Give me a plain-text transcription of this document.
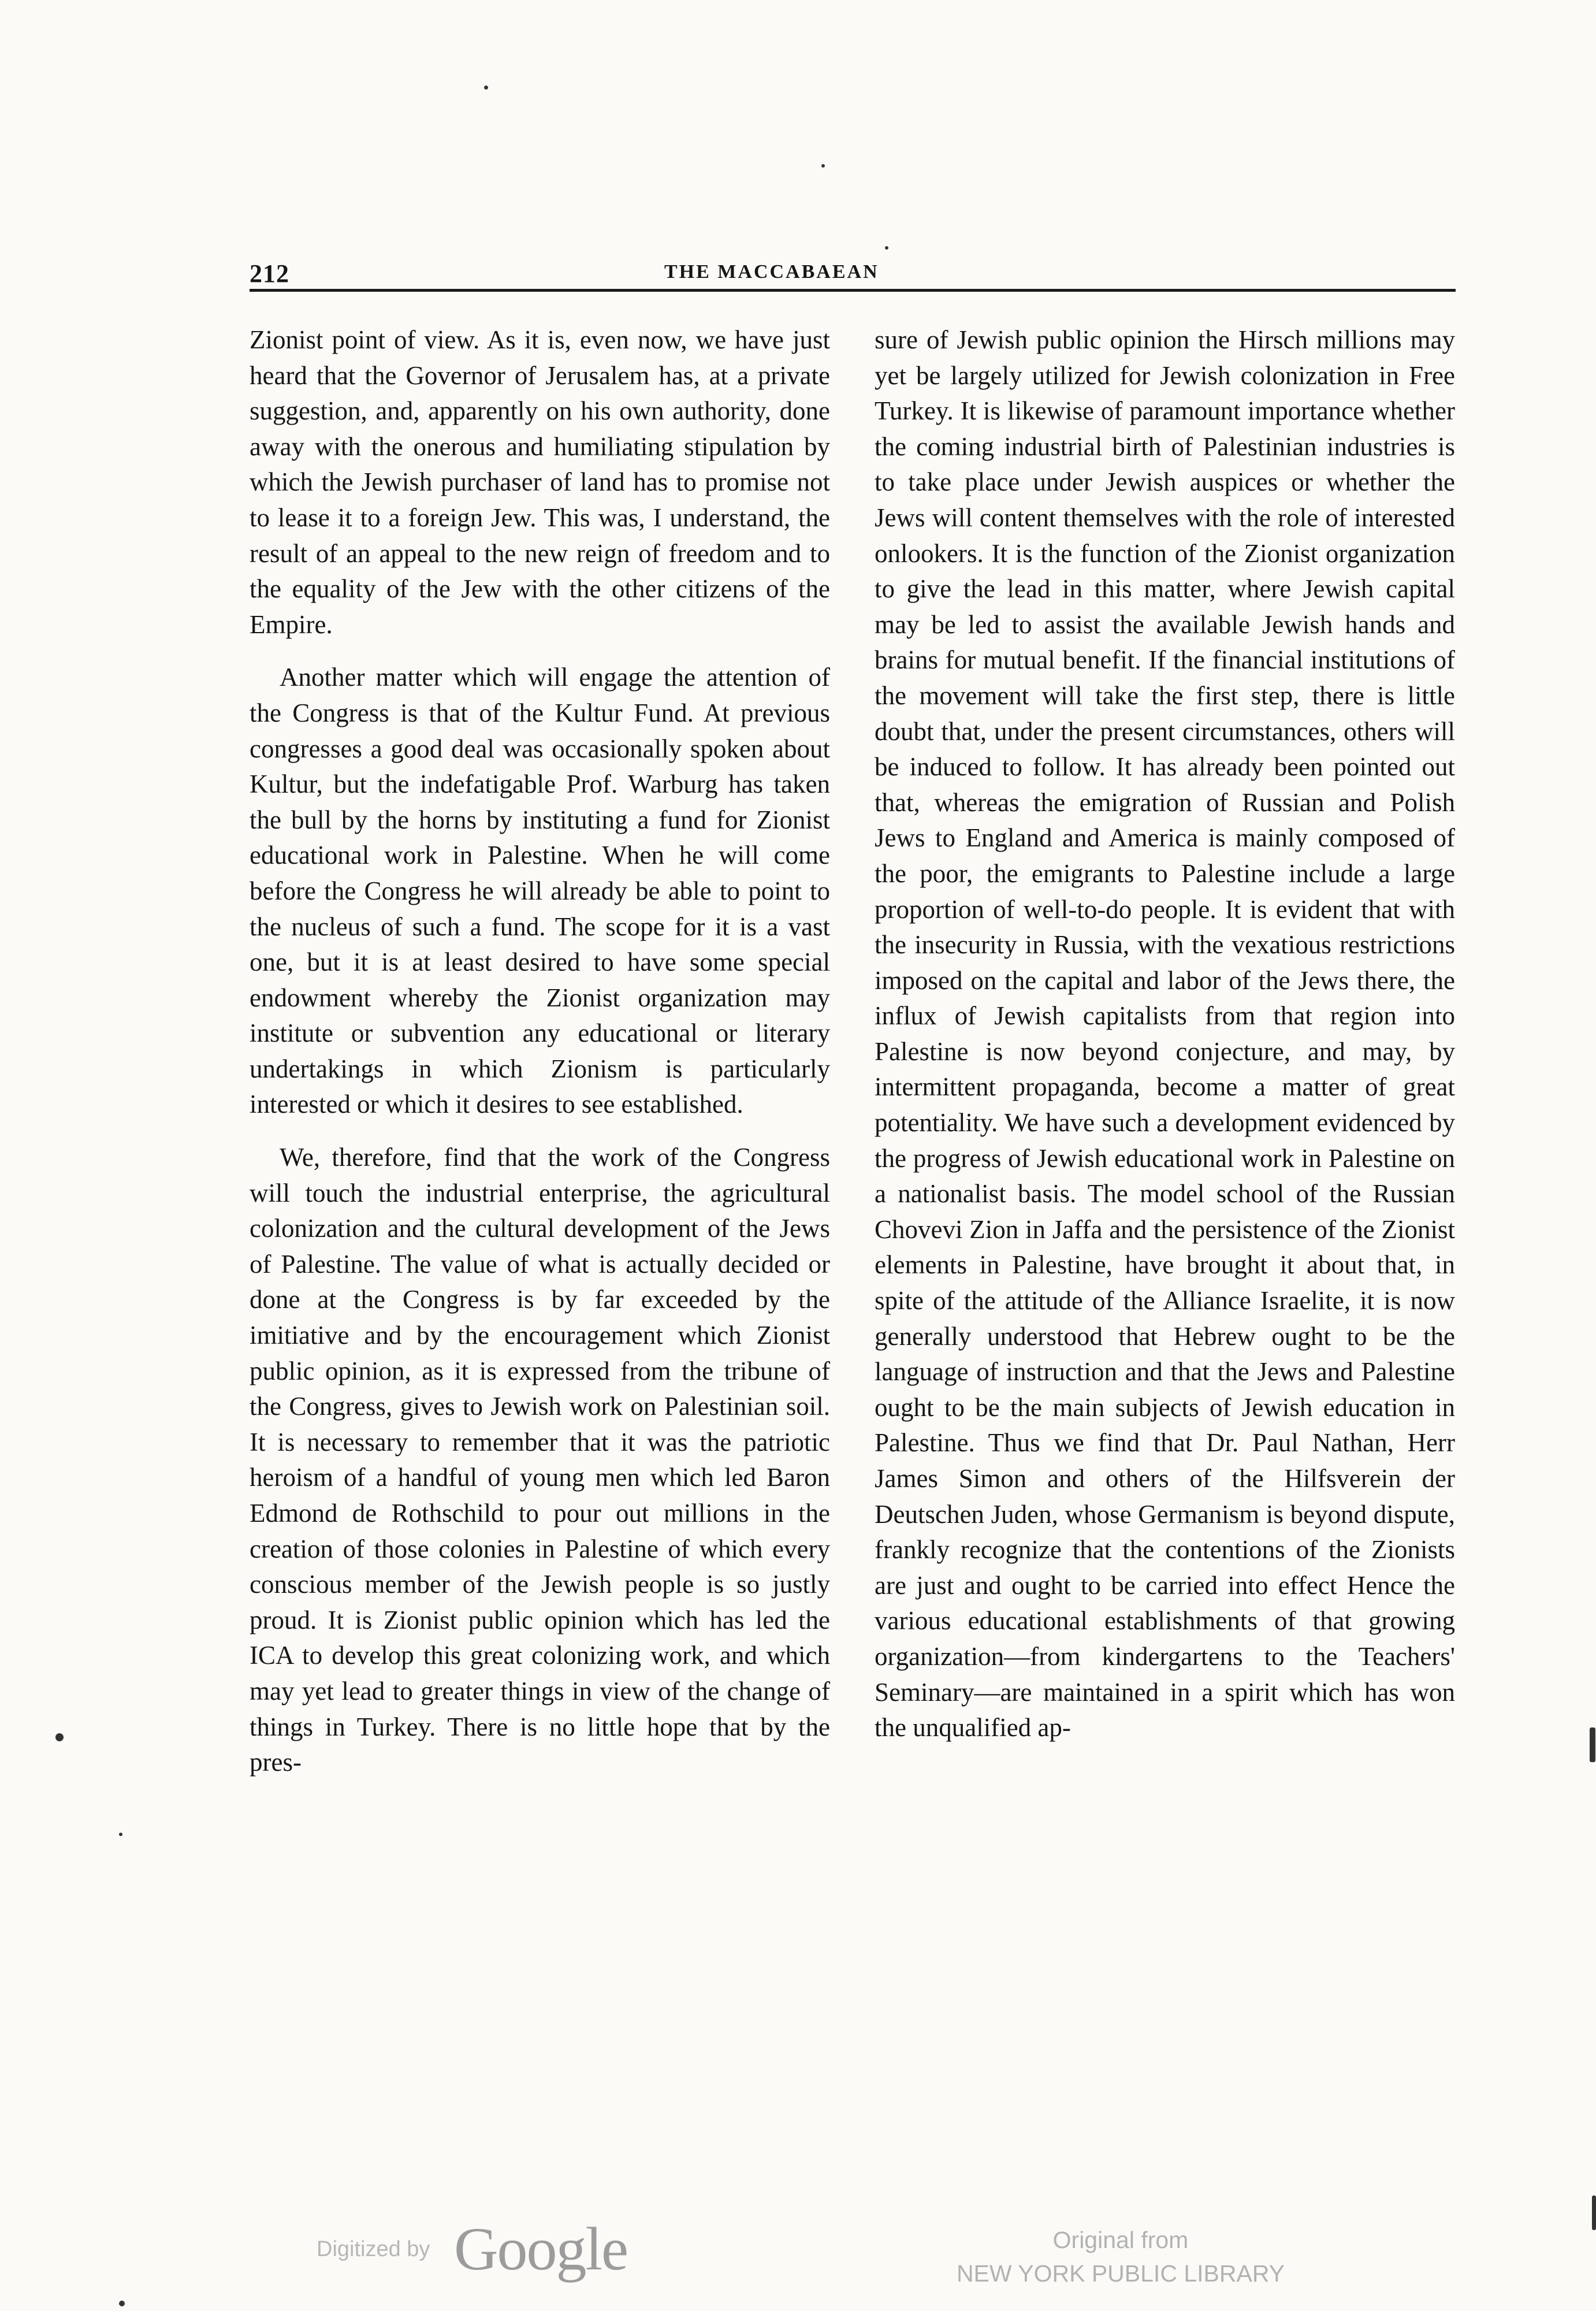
212	THE MACCABAEAN

Zionist point of view. As it is, even now, we have just heard that the Governor of Jerusalem has, at a private suggestion, and, apparently on his own authority, done away with the onerous and humiliating stipulation by which the Jewish purchaser of land has to promise not to lease it to a foreign Jew. This was, I understand, the result of an appeal to the new reign of freedom and to the equality of the Jew with the other citizens of the Empire.

Another matter which will engage the attention of the Congress is that of the Kultur Fund. At previous congresses a good deal was occasionally spoken about Kultur, but the indefatigable Prof. Warburg has taken the bull by the horns by instituting a fund for Zionist educational work in Palestine. When he will come before the Congress he will already be able to point to the nucleus of such a fund. The scope for it is a vast one, but it is at least desired to have some special endowment whereby the Zionist organization may institute or subvention any educational or literary undertakings in which Zionism is particularly interested or which it desires to see established.

We, therefore, find that the work of the Congress will touch the industrial enterprise, the agricultural colonization and the cultural development of the Jews of Palestine. The value of what is actually decided or done at the Congress is by far exceeded by the imitiative and by the encouragement which Zionist public opinion, as it is expressed from the tribune of the Congress, gives to Jewish work on Palestinian soil. It is necessary to remember that it was the patriotic heroism of a handful of young men which led Baron Edmond de Rothschild to pour out millions in the creation of those colonies in Palestine of which every conscious member of the Jewish people is so justly proud. It is Zionist public opinion which has led the ICA to develop this great colonizing work, and which may yet lead to greater things in view of the change of things in Turkey. There is no little hope that by the pres-

sure of Jewish public opinion the Hirsch millions may yet be largely utilized for Jewish colonization in Free Turkey. It is likewise of paramount importance whether the coming industrial birth of Palestinian industries is to take place under Jewish auspices or whether the Jews will content themselves with the role of interested onlookers. It is the function of the Zionist organization to give the lead in this matter, where Jewish capital may be led to assist the available Jewish hands and brains for mutual benefit. If the financial institutions of the movement will take the first step, there is little doubt that, under the present circumstances, others will be induced to follow. It has already been pointed out that, whereas the emigration of Russian and Polish Jews to England and America is mainly composed of the poor, the emigrants to Palestine include a large proportion of well-to-do people. It is evident that with the insecurity in Russia, with the vexatious restrictions imposed on the capital and labor of the Jews there, the influx of Jewish capitalists from that region into Palestine is now beyond conjecture, and may, by intermittent propaganda, become a matter of great potentiality. We have such a development evidenced by the progress of Jewish educational work in Palestine on a nationalist basis. The model school of the Russian Chovevi Zion in Jaffa and the persistence of the Zionist elements in Palestine, have brought it about that, in spite of the attitude of the Alliance Israelite, it is now generally understood that Hebrew ought to be the language of instruction and that the Jews and Palestine ought to be the main subjects of Jewish education in Palestine. Thus we find that Dr. Paul Nathan, Herr James Simon and others of the Hilfsverein der Deutschen Juden, whose Germanism is beyond dispute, frankly recognize that the contentions of the Zionists are just and ought to be carried into effect Hence the various educational establishments of that growing organization—from kindergartens to the Teachers' Seminary—are maintained in a spirit which has won the unqualified ap-

Digitized by Google	Original from
NEW YORK PUBLIC LIBRARY
